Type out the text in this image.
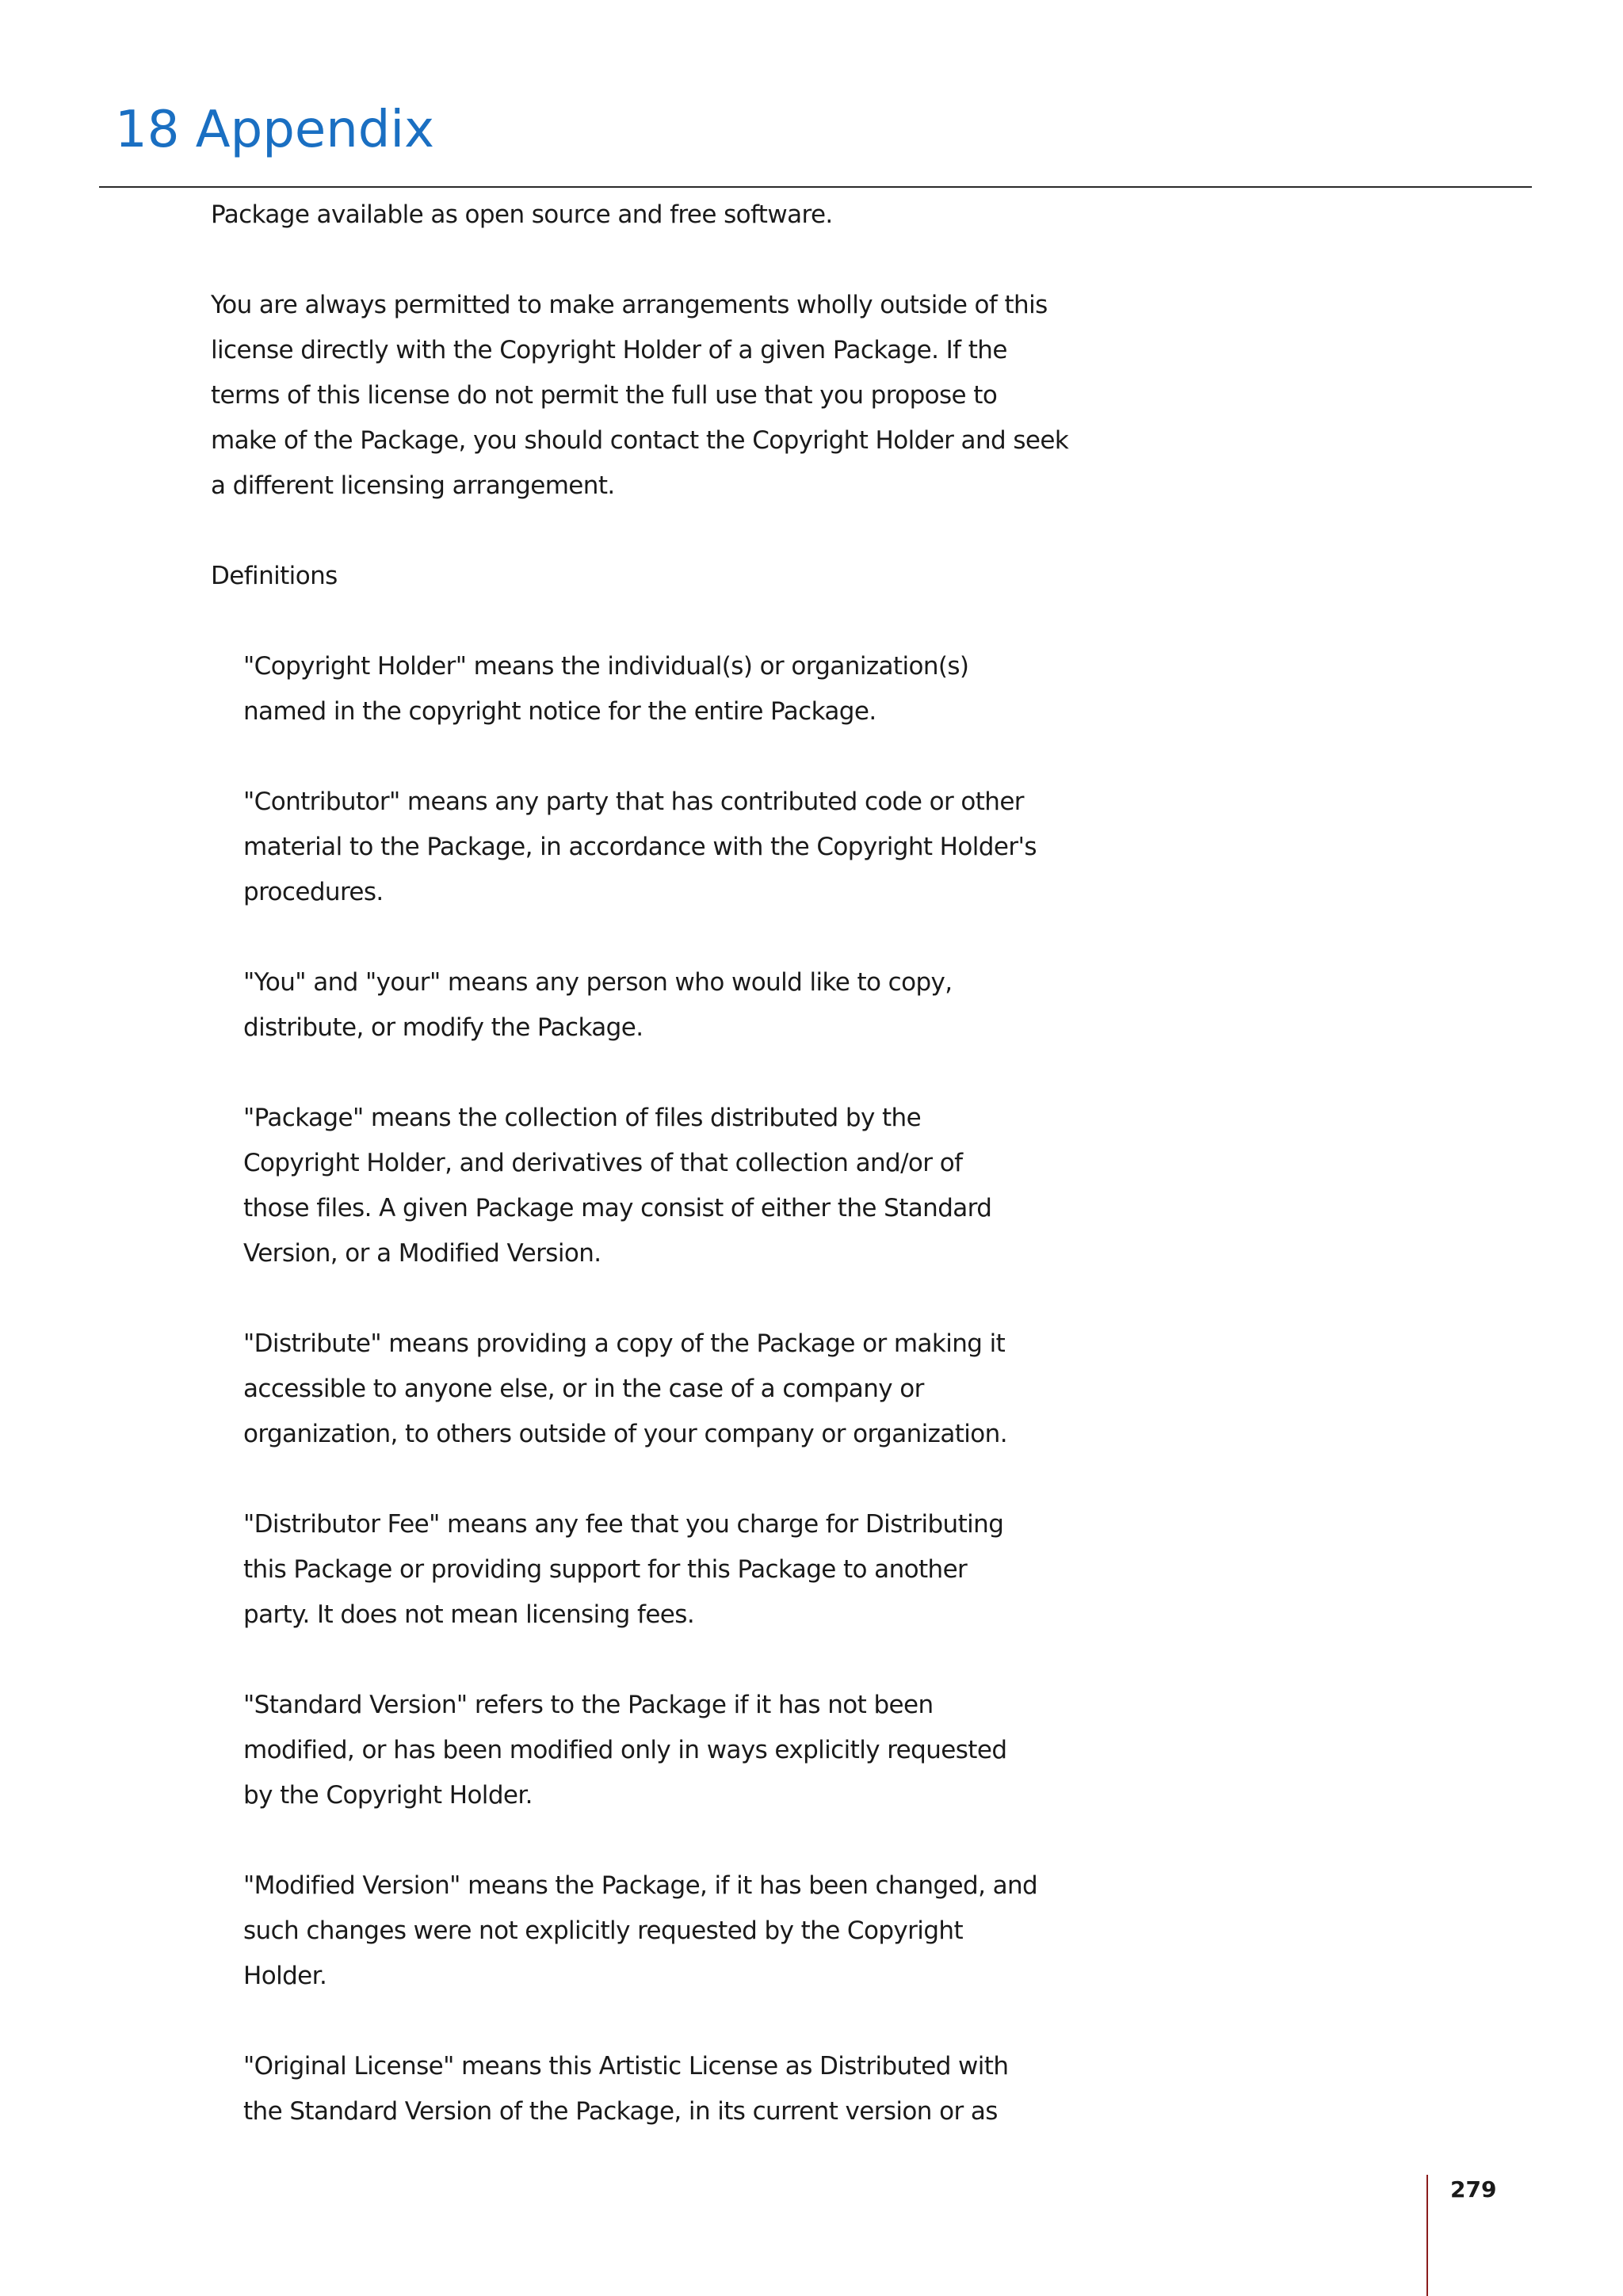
18 Appendix

Package available as open source and free software.

You are always permitted to make arrangements wholly outside of this
license directly with the Copyright Holder of a given Package. If the
terms of this license do not permit the full use that you propose to
make of the Package, you should contact the Copyright Holder and seek
a different licensing arrangement.

Definitions

"Copyright Holder" means the individual(s) or organization(s)
named in the copyright notice for the entire Package.

"Contributor" means any party that has contributed code or other
material to the Package, in accordance with the Copyright Holder's
procedures.

"You" and "your" means any person who would like to copy,
distribute, or modify the Package.

"Package" means the collection of files distributed by the
Copyright Holder, and derivatives of that collection and/or of
those files. A given Package may consist of either the Standard
Version, or a Modified Version.

"Distribute" means providing a copy of the Package or making it
accessible to anyone else, or in the case of a company or
organization, to others outside of your company or organization.

"Distributor Fee" means any fee that you charge for Distributing
this Package or providing support for this Package to another
party. It does not mean licensing fees.

"Standard Version" refers to the Package if it has not been
modified, or has been modified only in ways explicitly requested
by the Copyright Holder.

"Modified Version" means the Package, if it has been changed, and
such changes were not explicitly requested by the Copyright
Holder.

"Original License" means this Artistic License as Distributed with
the Standard Version of the Package, in its current version or as

279
